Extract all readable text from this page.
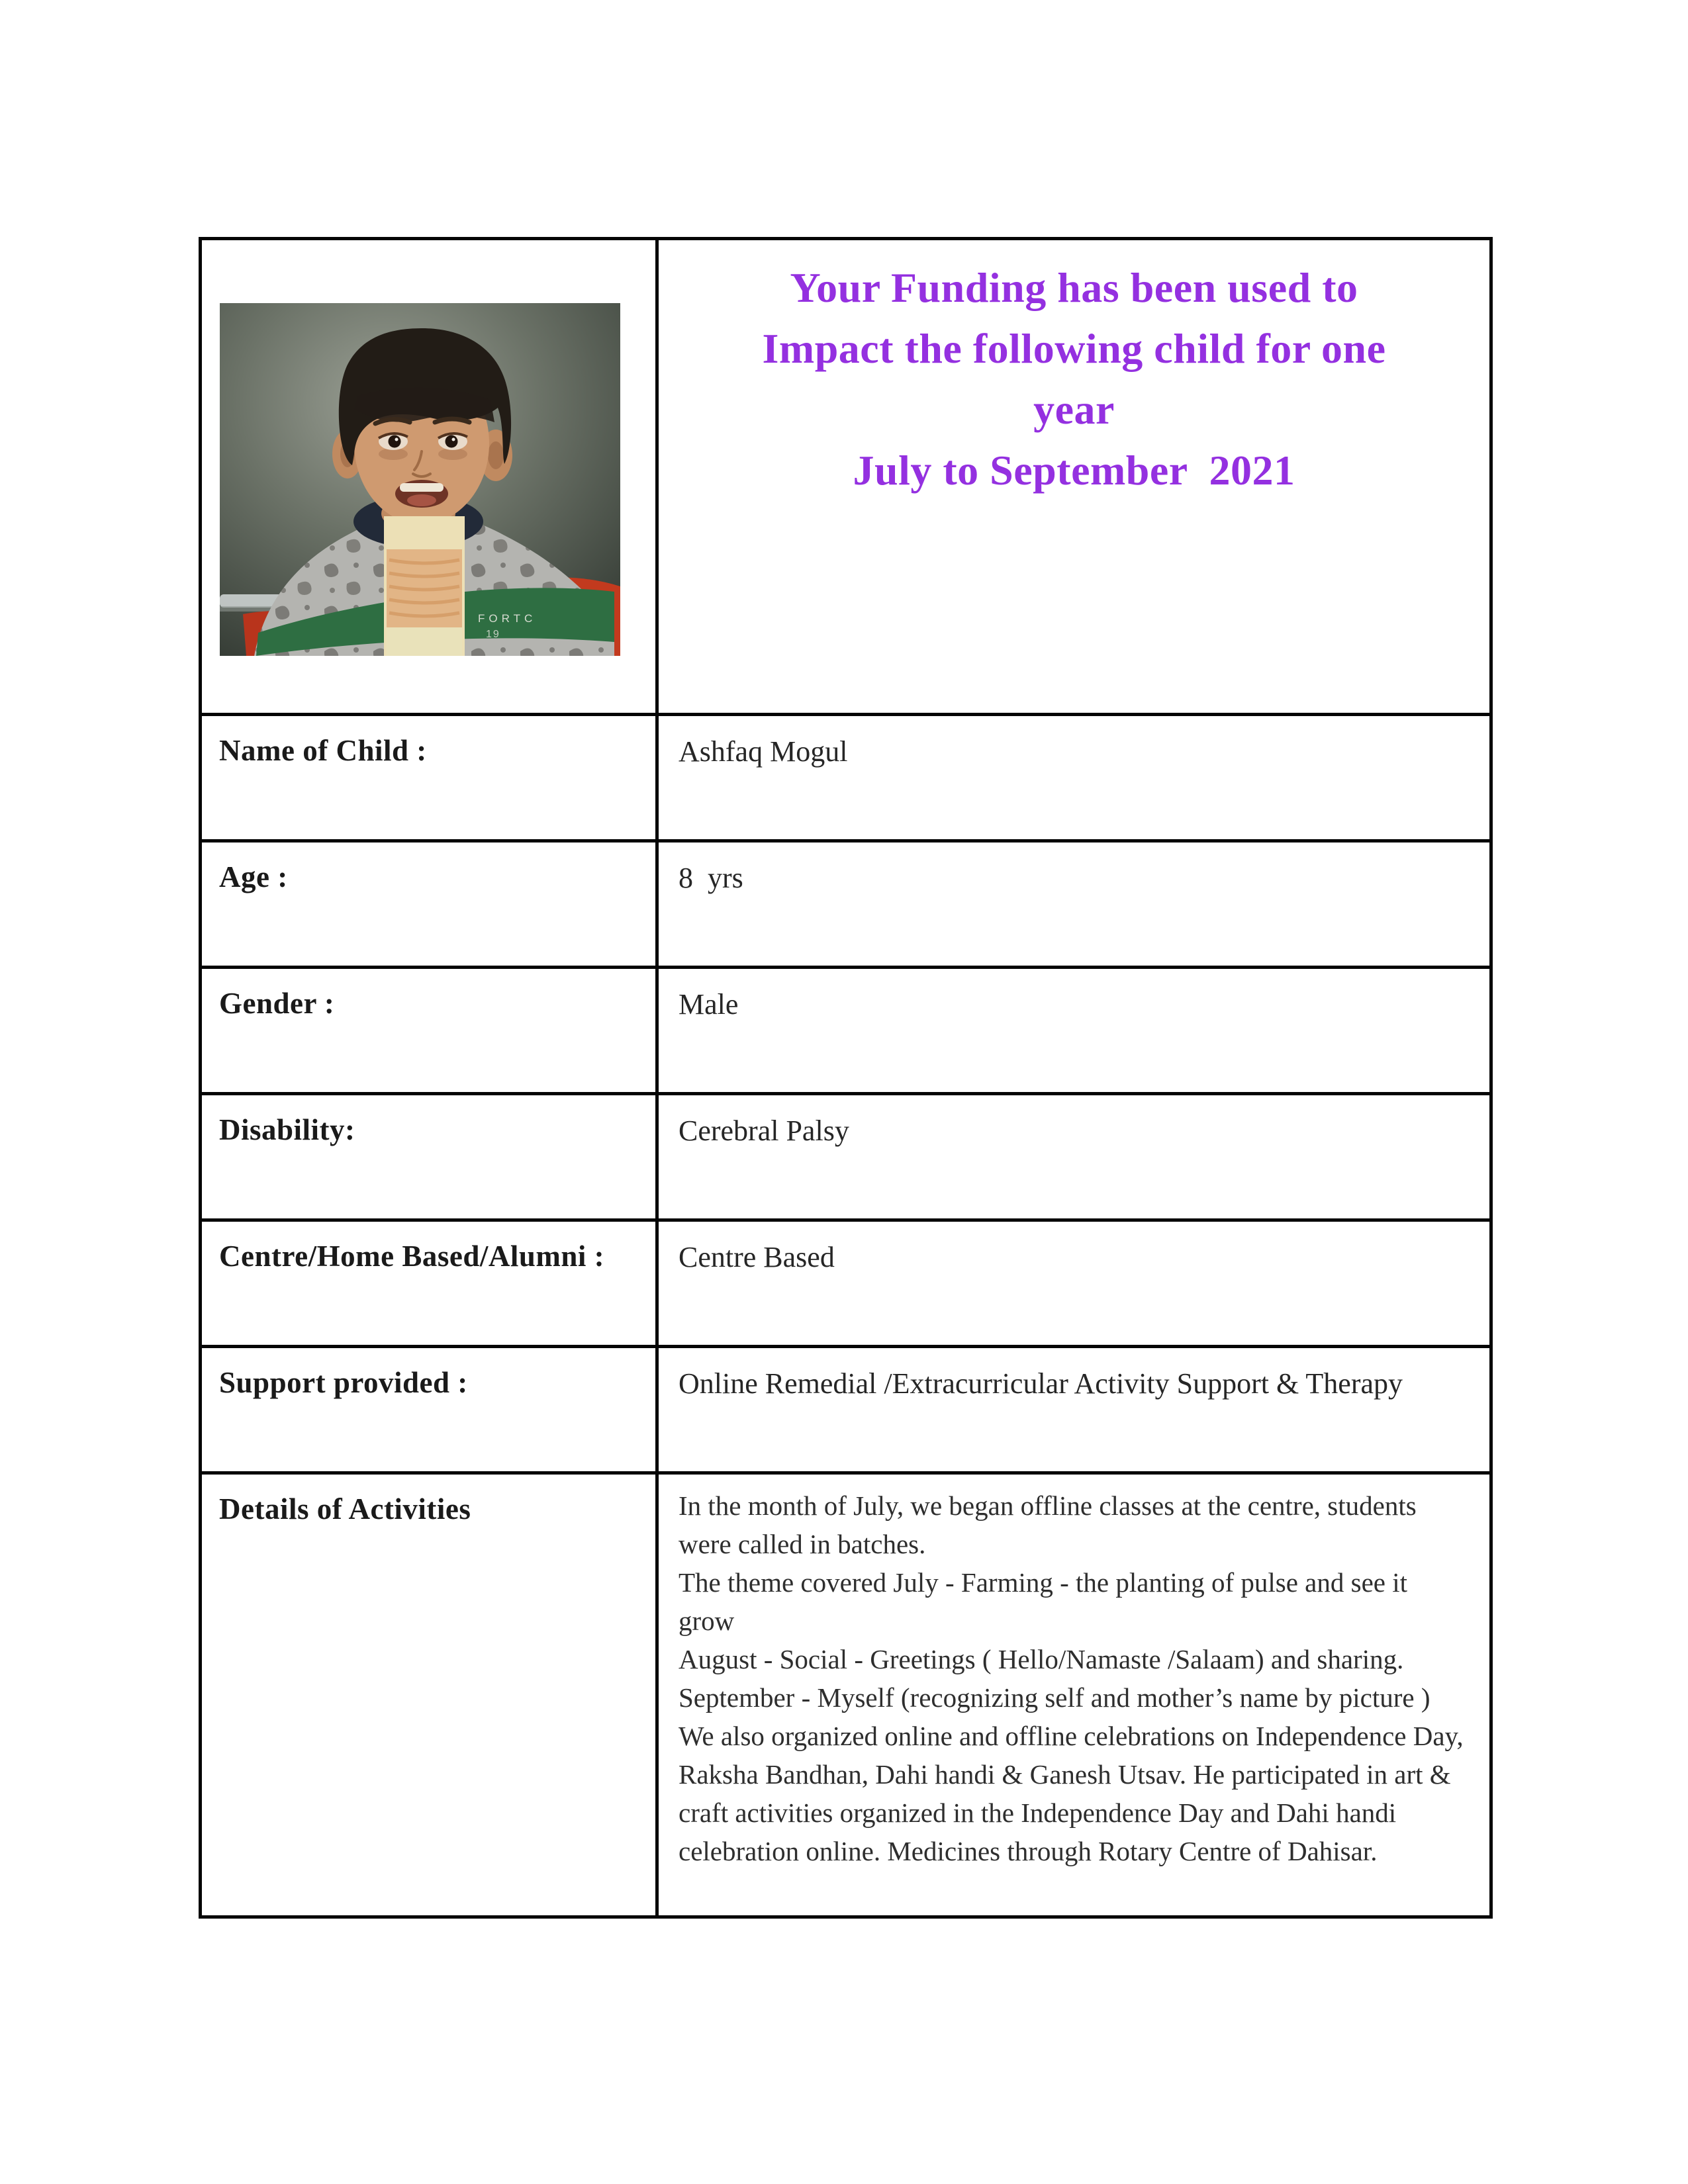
FORTC
19

Your Funding has been used to
Impact the following child for one
year
July to September  2021

Name of Child :	Ashfaq Mogul
Age :	8  yrs
Gender :	Male
Disability:	Cerebral Palsy
Centre/Home Based/Alumni :	Centre Based
Support provided :	Online Remedial /Extracurricular Activity Support & Therapy
Details of Activities	In the month of July, we began offline classes at the centre, students were called in batches.

The theme covered July - Farming - the planting of pulse and see it grow

August - Social - Greetings ( Hello/Namaste /Salaam) and sharing.

September - Myself (recognizing self and mother’s name by picture )

We also organized online and offline celebrations on Independence Day, Raksha Bandhan, Dahi handi & Ganesh Utsav. He participated in art & craft activities organized in the Independence Day and Dahi handi celebration online. Medicines through Rotary Centre of Dahisar.
